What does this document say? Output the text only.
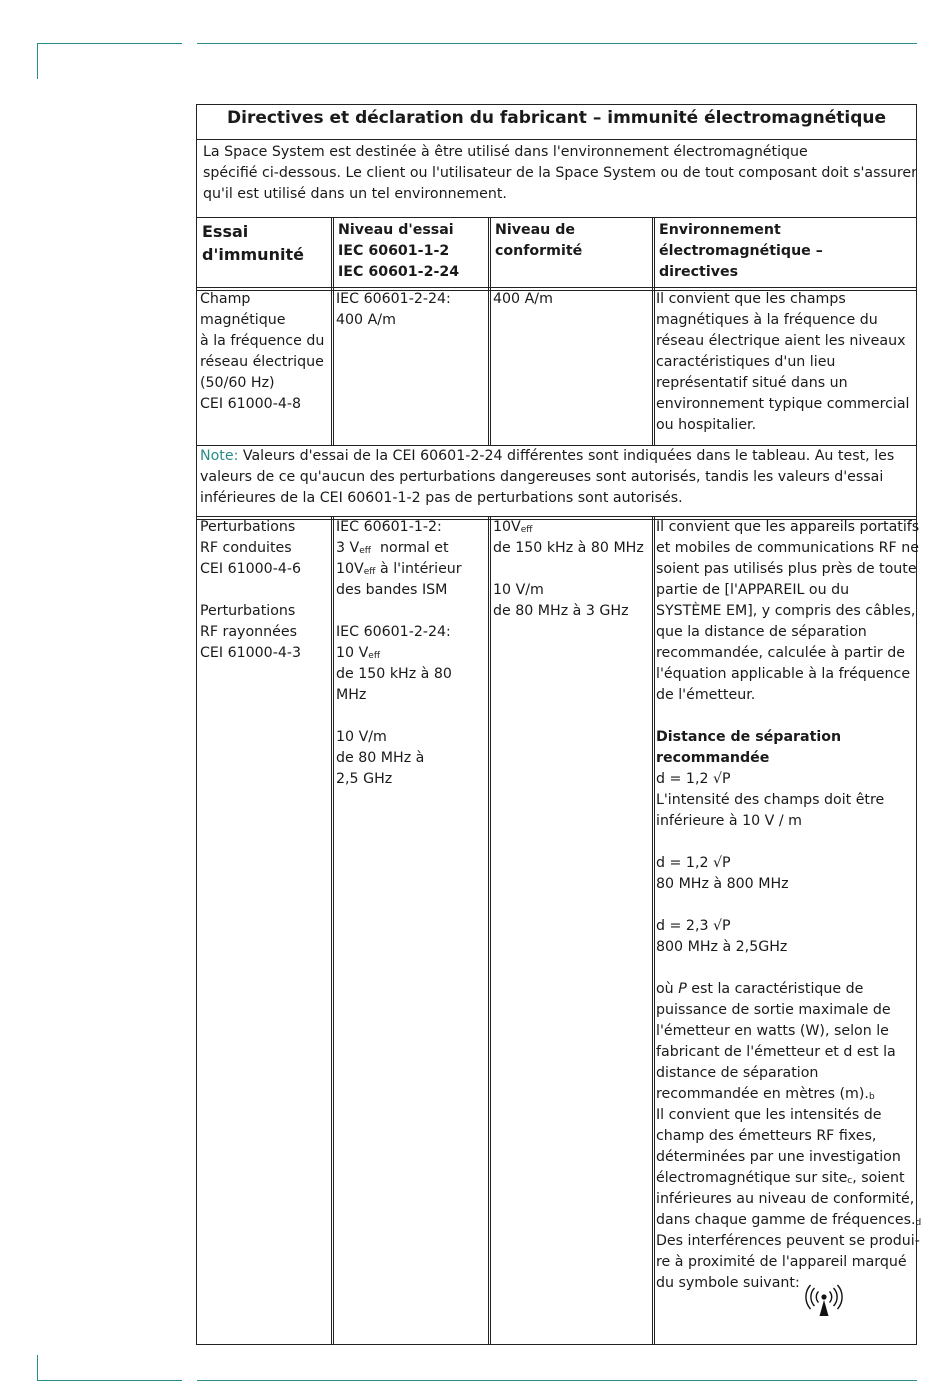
Directives et déclaration du fabricant – immunité électromagnétique
La Space System est destinée à être utilisé dans l'environnement électromagnétique
spécifié ci-dessous. Le client ou l'utilisateur de la Space System ou de tout composant doit s'assurer
qu'il est utilisé dans un tel environnement.
Essai
d'immunité
Niveau d'essai
IEC 60601-1-2
IEC 60601-2-24
Niveau de
conformité
Environnement
électromagnétique –
directives
Champ
magnétique
à la fréquence du
réseau électrique
(50/60 Hz)
CEI 61000-4-8
IEC 60601-2-24:
400 A/m
400 A/m	Il convient que les champs
magnétiques à la fréquence du
réseau électrique aient les niveaux
caractéristiques d'un lieu
représentatif situé dans un
environnement typique commercial
ou hospitalier.
Note: Valeurs d'essai de la CEI 60601-2-24 différentes sont indiquées dans le tableau. Au test, les
valeurs de ce qu'aucun des perturbations dangereuses sont autorisés, tandis les valeurs d'essai
inférieures de la CEI 60601-1-2 pas de perturbations sont autorisés.
Perturbations
RF conduites
CEI 61000-4-6
Perturbations
RF rayonnées
CEI 61000-4-3
IEC 60601-1-2:
3 $V_{eff}$  normal et
$10V_{eff}$ à l'intérieur
des bandes ISM
IEC 60601-2-24:
10 $V_{eff}$
de 150 kHz à 80
MHz
10 V/m
de 80 MHz à
2,5 GHz
$10V_{eff}$
de 150 kHz à 80 MHz
10 V/m
de 80 MHz à 3 GHz
Il convient que les appareils portatifs
et mobiles de communications RF ne
soient pas utilisés plus près de toute
partie de [l'APPAREIL ou du
SYSTÈME EM], y compris des câbles,
que la distance de séparation
recommandée, calculée à partir de
l'équation applicable à la fréquence
de l'émetteur.
Distance de séparation
recommandée
d = 1,2 √P
L'intensité des champs doit être
inférieure à 10 V / m
d = 1,2 √P
80 MHz à 800 MHz
d = 2,3 √P
800 MHz à 2,5GHz
où P est la caractéristique de
puissance de sortie maximale de
l'émetteur en watts (W), selon le
fabricant de l'émetteur et d est la
distance de séparation
recommandée en mètres $(m)._b$
Il convient que les intensités de
champ des émetteurs RF fixes,
déterminées par une investigation
électromagnétique sur site$_c$, soient
inférieures au niveau de conformité,
dans chaque gamme de $fréquences._d$
Des interférences peuvent se produi-
re à proximité de l'appareil marqué
du symbole suivant:
